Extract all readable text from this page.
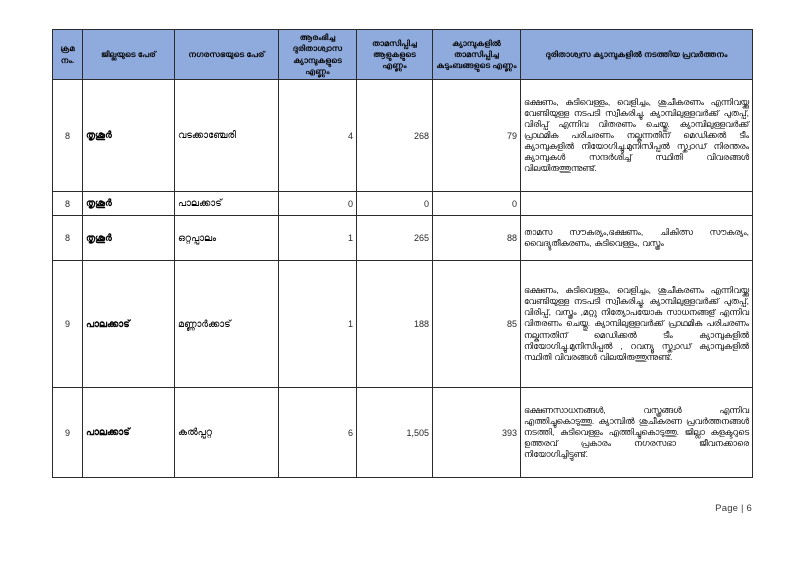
ക്രമ നം.	ജില്ലയുടെ പേര്	നഗരസഭയുടെ പേര്	ആരംഭിച്ച ദുരിതാശ്വാസ ക്യാമ്പുകളുടെ എണ്ണം	താമസിപ്പിച്ച ആളുകളുടെ എണ്ണം	ക്യാമ്പുകളിൽ താമസിപ്പിച്ച കുടുംബങ്ങളുടെ എണ്ണം	ദുരിതാശ്വസ ക്യാമ്പുകളിൽ നടത്തിയ പ്രവർത്തനം
8	തൃശൂർ	വടക്കാഞ്ചേരി	4	268	79	ഭക്ഷണം, കുടിവെള്ളം, വെളിച്ചം, ശുചീകരണം എന്നിവയ്ക്കു വേണ്ടിയുള്ള നടപടി സ്വീകരിച്ചു. ക്യാമ്പിലുള്ളവർക്ക് പുതപ്പ്, വിരിപ്പ് എന്നിവ വിതരണം ചെയ്തു. ക്യാമ്പിലുള്ളവർക്ക് പ്രാഥമിക പരിചരണം നല്കുന്നതിന് മെഡിക്കൽ ടീം ക്യാമ്പുകളിൽ നിയോഗിച്ചു.മുനിസിപ്പൽ സ്ക്വാഡ് നിരന്തരം ക്യാമ്പുകൾ സന്ദർശിച്ച് സ്ഥിതി വിവരങ്ങൾ വിലയിരുത്തുന്നുണ്ട്.
8	തൃശൂർ	പാലക്കാട്	0	0	0	
8	തൃശൂർ	ഒറ്റപ്പാലം	1	265	88	താമസ സൗകര്യം,ഭക്ഷണം, ചികിത്സ സൗകര്യം, വൈദ്യുതീകരണം, കുടിവെള്ളം, വസ്ത്രം
9	പാലക്കാട്	മണ്ണാർക്കാട്	1	188	85	ഭക്ഷണം, കുടിവെള്ളം, വെളിച്ചം, ശുചീകരണം എന്നിവയ്ക്കു വേണ്ടിയുള്ള നടപടി സ്വീകരിച്ചു. ക്യാമ്പിലുള്ളവർക്ക് പുതപ്പ്, വിരിപ്പ്, വസ്ത്രം ,മറ്റു നിത്യോപയോക സാധനങ്ങള് എന്നിവ വിതരണം ചെയ്തു. ക്യാമ്പിലുള്ളവർക്ക് പ്രാഥമിക പരിചരണം നല്കുന്നതിന് മെഡിക്കൽ ടീം ക്യാമ്പുകളിൽ നിയോഗിച്ചു.മുനിസിപ്പൽ , റവന്യൂ സ്ക്വാഡ് ക്യാമ്പുകളിൽ സ്ഥിതി വിവരങ്ങൾ വിലയിരുത്തുന്നുണ്ട്.
9	പാലക്കാട്	കൽപ്പറ്റ	6	1,505	393	ഭക്ഷണസാധനങ്ങൾ, വസ്ത്രങ്ങൾ എന്നിവ എത്തിച്ചുകൊടുത്തു. ക്യാമ്പിൽ ശുചീകരണ പ്രവർത്തനങ്ങൾ നടത്തി, കുടിവെള്ളം എത്തിച്ചുകൊടുത്തു. ജില്ലാ കളക്ടറുടെ ഉത്തരവ് പ്രകാരം നഗരസഭാ ജീവനക്കാരെ നിയോഗിച്ചിട്ടുണ്ട്.
Page | 6
